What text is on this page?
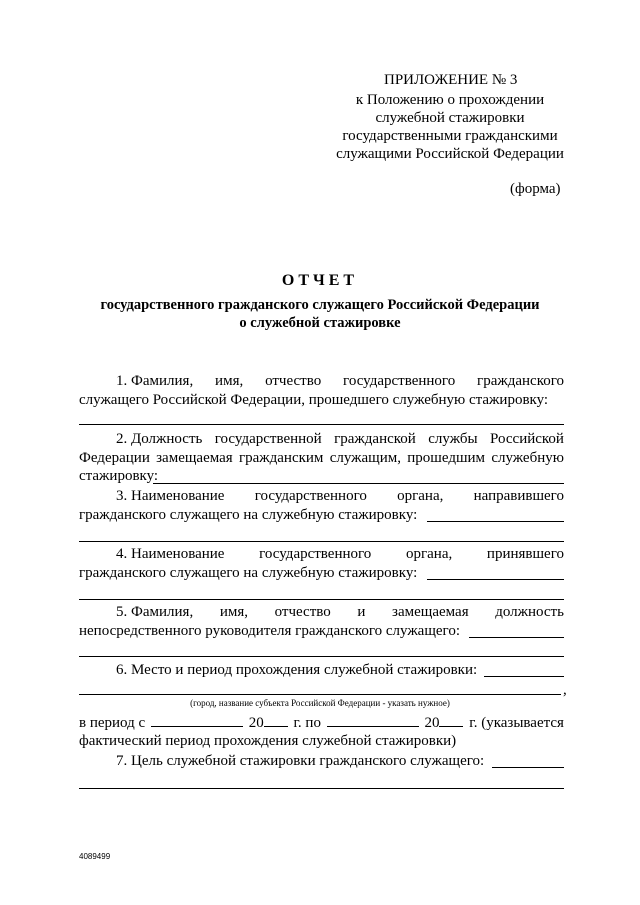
ПРИЛОЖЕНИЕ № 3
к Положению о прохождении
служебной стажировки
государственными гражданскими
служащими Российской Федерации
(форма)
ОТЧЕТ
государственного гражданского служащего Российской Федерации
о служебной стажировке
1. Фамилия, имя, отчество государственного гражданского
служащего Российской Федерации, прошедшего служебную стажировку:
2. Должность государственной гражданской службы Российской
Федерации замещаемая гражданским служащим, прошедшим служебную
стажировку:
3. Наименование государственного органа, направившего
гражданского служащего на служебную стажировку:
4. Наименование государственного органа, принявшего
гражданского служащего на служебную стажировку:
5. Фамилия, имя, отчество и замещаемая должность
непосредственного руководителя гражданского служащего:
6. Место и период прохождения служебной стажировки:
,
(город, название субъекта Российской Федерации - указать нужное)
в период с	20	г. по	20	г. (указывается
фактический период прохождения служебной стажировки)
7. Цель служебной стажировки гражданского служащего:
4089499
